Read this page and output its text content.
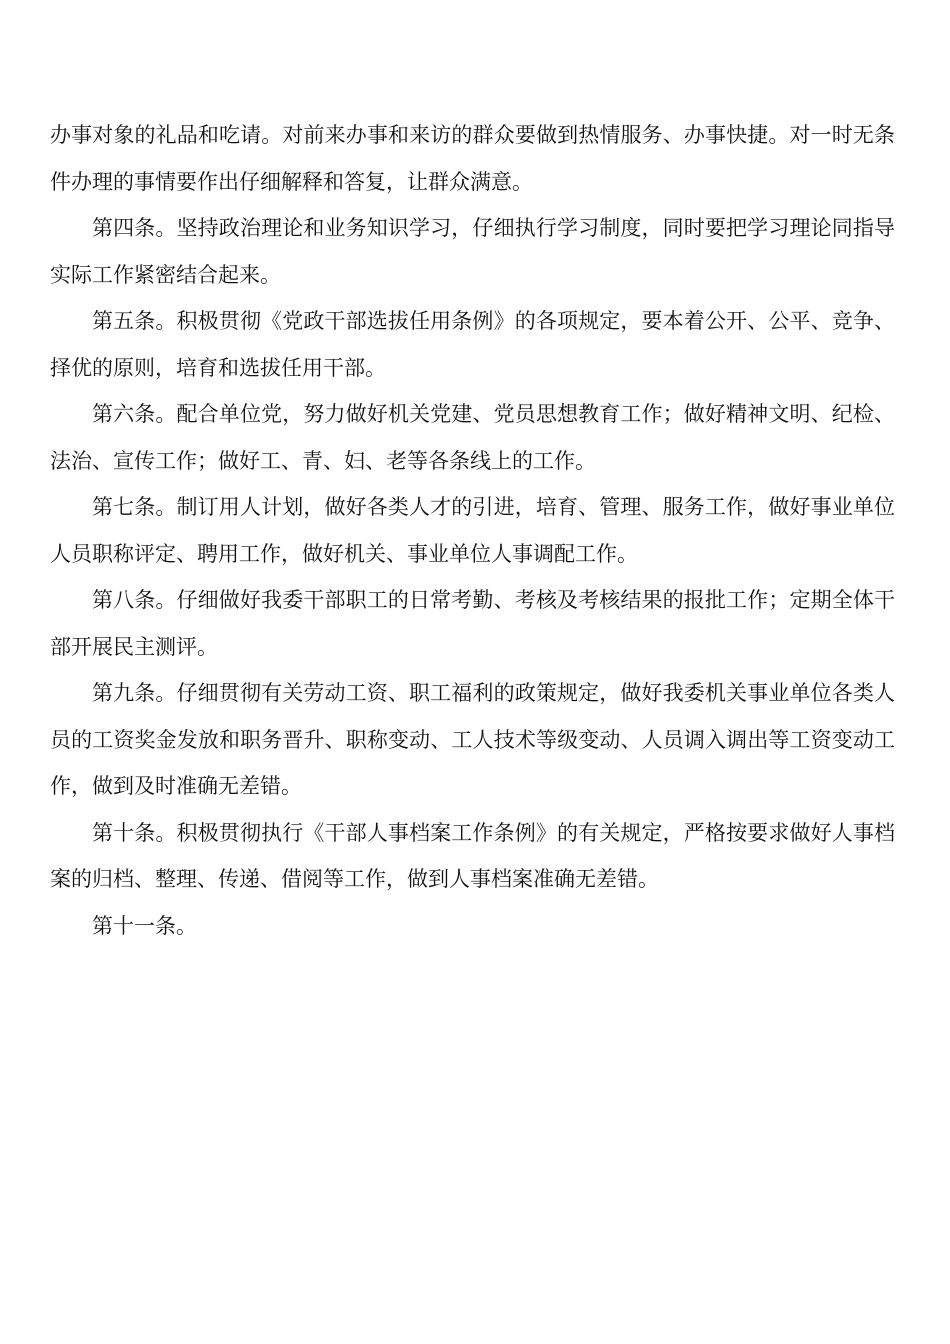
办事对象的礼品和吃请。对前来办事和来访的群众要做到热情服务、办事快捷。对一时无条件办理的事情要作出仔细解释和答复，让群众满意。

第四条。坚持政治理论和业务知识学习，仔细执行学习制度，同时要把学习理论同指导实际工作紧密结合起来。

第五条。积极贯彻《党政干部选拔任用条例》的各项规定，要本着公开、公平、竞争、择优的原则，培育和选拔任用干部。

第六条。配合单位党，努力做好机关党建、党员思想教育工作；做好精神文明、纪检、法治、宣传工作；做好工、青、妇、老等各条线上的工作。

第七条。制订用人计划，做好各类人才的引进，培育、管理、服务工作，做好事业单位人员职称评定、聘用工作，做好机关、事业单位人事调配工作。

第八条。仔细做好我委干部职工的日常考勤、考核及考核结果的报批工作；定期全体干部开展民主测评。

第九条。仔细贯彻有关劳动工资、职工福利的政策规定，做好我委机关事业单位各类人员的工资奖金发放和职务晋升、职称变动、工人技术等级变动、人员调入调出等工资变动工作，做到及时准确无差错。

第十条。积极贯彻执行《干部人事档案工作条例》的有关规定，严格按要求做好人事档案的归档、整理、传递、借阅等工作，做到人事档案准确无差错。

第十一条。
